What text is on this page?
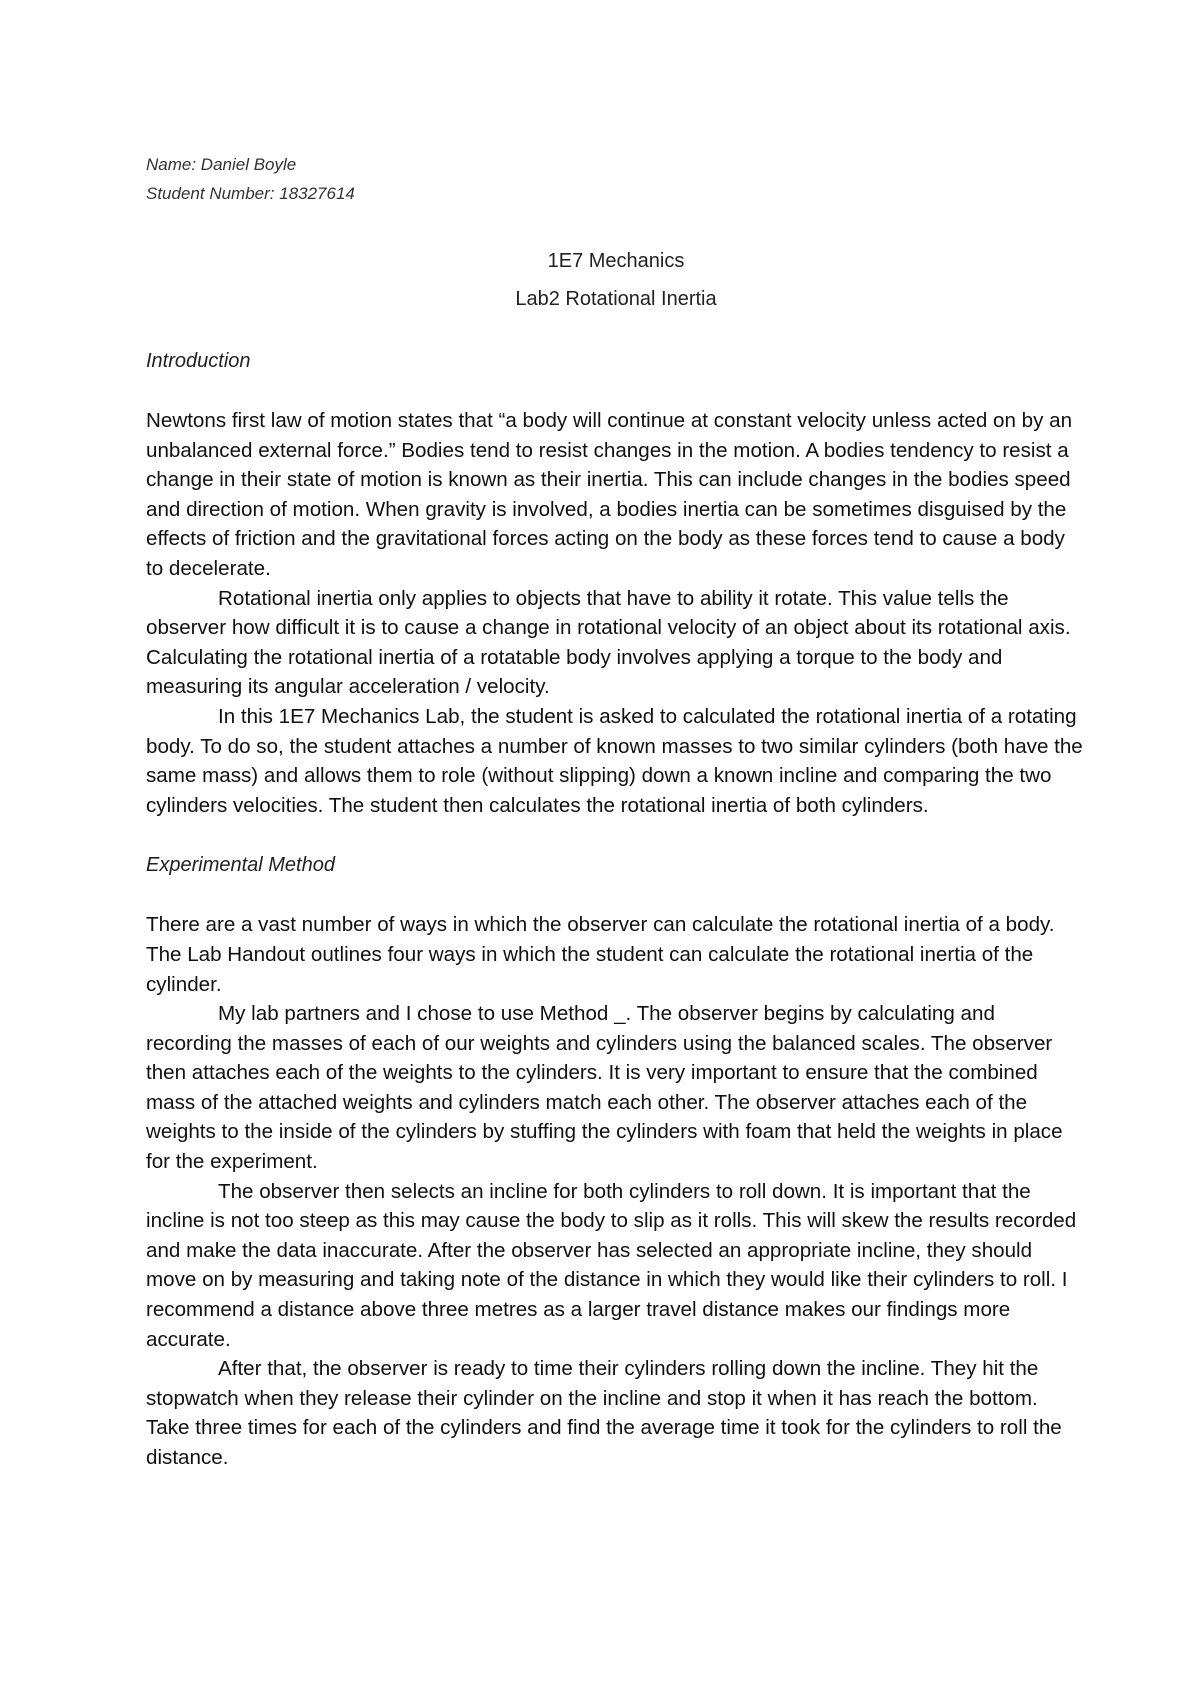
Name: Daniel Boyle

Student Number: 18327614

1E7 Mechanics

Lab2 Rotational Inertia

Introduction

Newtons first law of motion states that “a body will continue at constant velocity unless acted on by an unbalanced external force.” Bodies tend to resist changes in the motion. A bodies tendency to resist a change in their state of motion is known as their inertia. This can include changes in the bodies speed and direction of motion. When gravity is involved, a bodies inertia can be sometimes disguised by the effects of friction and the gravitational forces acting on the body as these forces tend to cause a body to decelerate.

Rotational inertia only applies to objects that have to ability it rotate. This value tells the observer how difficult it is to cause a change in rotational velocity of an object about its rotational axis. Calculating the rotational inertia of a rotatable body involves applying a torque to the body and measuring its angular acceleration / velocity.

In this 1E7 Mechanics Lab, the student is asked to calculated the rotational inertia of a rotating body. To do so, the student attaches a number of known masses to two similar cylinders (both have the same mass) and allows them to role (without slipping) down a known incline and comparing the two cylinders velocities. The student then calculates the rotational inertia of both cylinders.

Experimental Method

There are a vast number of ways in which the observer can calculate the rotational inertia of a body. The Lab Handout outlines four ways in which the student can calculate the rotational inertia of the cylinder.

My lab partners and I chose to use Method _. The observer begins by calculating and recording the masses of each of our weights and cylinders using the balanced scales. The observer then attaches each of the weights to the cylinders. It is very important to ensure that the combined mass of the attached weights and cylinders match each other. The observer attaches each of the weights to the inside of the cylinders by stuffing the cylinders with foam that held the weights in place for the experiment.

The observer then selects an incline for both cylinders to roll down. It is important that the incline is not too steep as this may cause the body to slip as it rolls. This will skew the results recorded and make the data inaccurate. After the observer has selected an appropriate incline, they should move on by measuring and taking note of the distance in which they would like their cylinders to roll. I recommend a distance above three metres as a larger travel distance makes our findings more accurate.

After that, the observer is ready to time their cylinders rolling down the incline. They hit the stopwatch when they release their cylinder on the incline and stop it when it has reach the bottom. Take three times for each of the cylinders and find the average time it took for the cylinders to roll the distance.
